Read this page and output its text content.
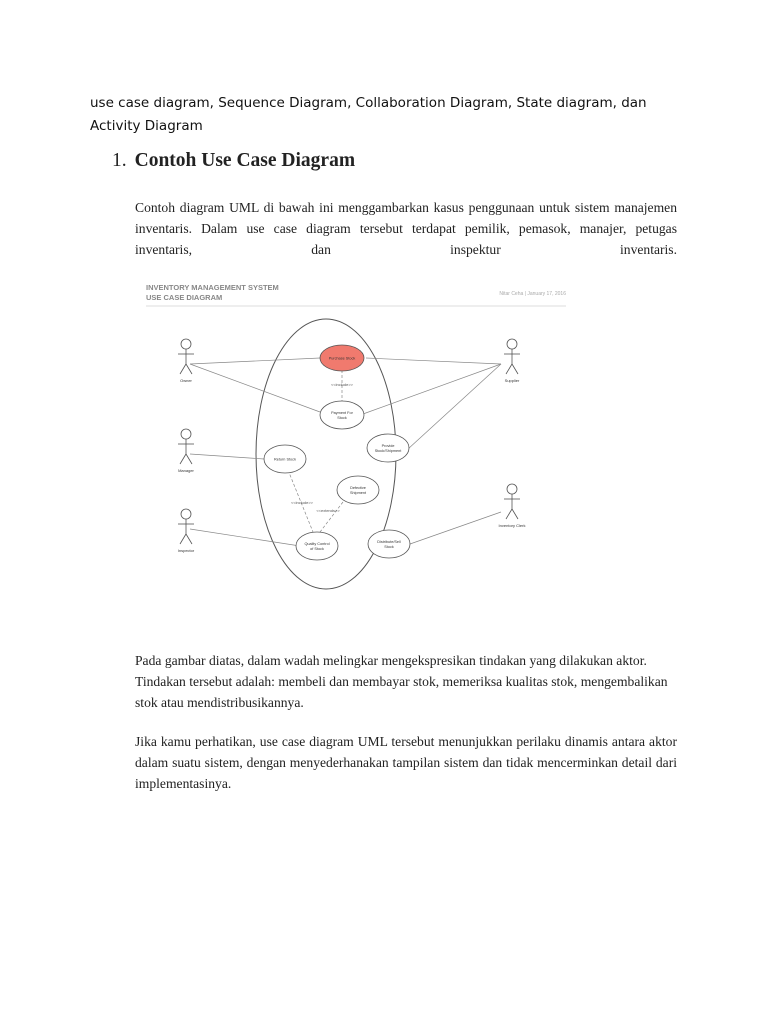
use case diagram, Sequence Diagram, Collaboration Diagram, State diagram, dan Activity Diagram
1. Contoh Use Case Diagram
Contoh diagram UML di bawah ini menggambarkan kasus penggunaan untuk sistem manajemen inventaris. Dalam use case diagram tersebut terdapat pemilik, pemasok, manajer, petugas inventaris, dan inspektur inventaris.
INVENTORY MANAGEMENT SYSTEM
USE CASE DIAGRAM	Nitar Ceha | January 17, 2016
<<include>>
<<include>>
<<extends>>
Purchase Stock
Payment For
Stock
Provide
Stock/Shipment
Return Stock
Defective
Shipment
Quality Control
of Stock
Distribute/Sell
Stock
Owner
Manager
Inspector
Supplier
Inventory Clerk
Pada gambar diatas, dalam wadah melingkar mengekspresikan tindakan yang dilakukan aktor. Tindakan tersebut adalah: membeli dan membayar stok, memeriksa kualitas stok, mengembalikan stok atau mendistribusikannya.
Jika kamu perhatikan, use case diagram UML tersebut menunjukkan perilaku dinamis antara aktor dalam suatu sistem, dengan menyederhanakan tampilan sistem dan tidak mencerminkan detail dari implementasinya.
